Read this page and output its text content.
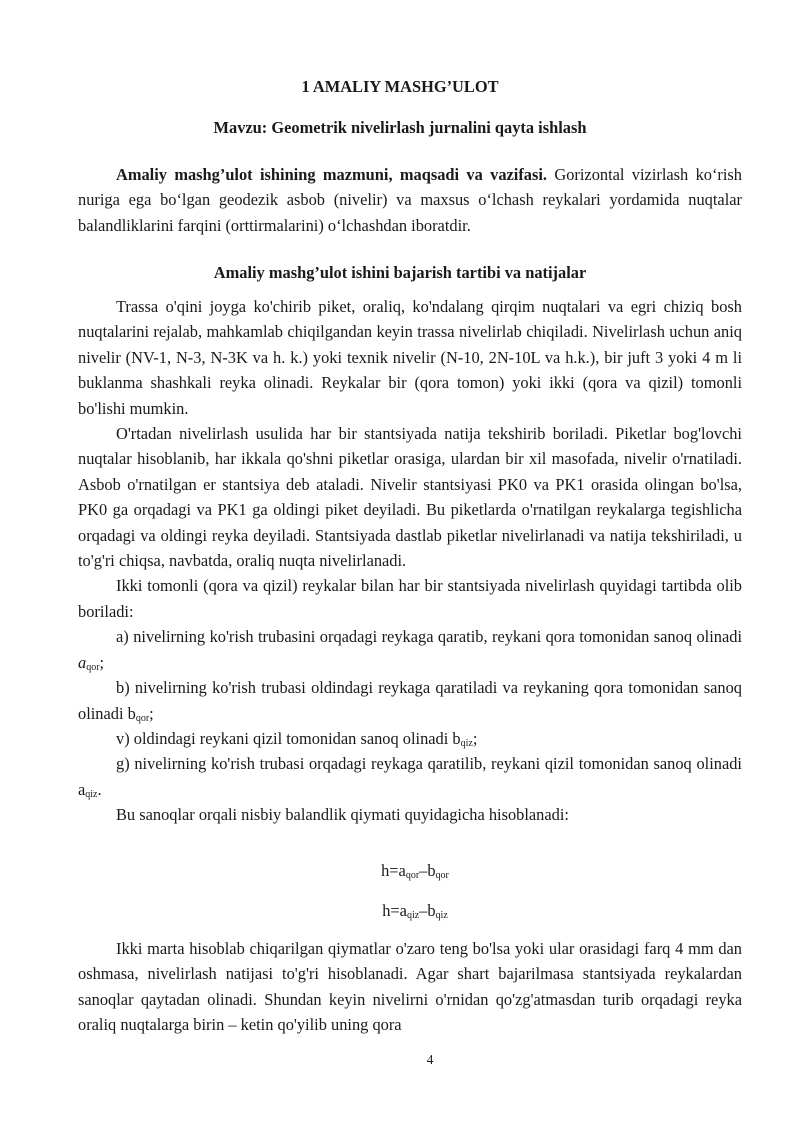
1 AMALIY MASHG’ULOT
Mavzu: Geometrik nivelirlash jurnalini qayta ishlash

Amaliy mashg’ulot ishining mazmuni, maqsadi va vazifasi. Gorizontal vizirlash ko‘rish nuriga ega bo‘lgan geodezik asbob (nivelir) va maxsus o‘lchash reykalari yordamida nuqtalar balandliklarini farqini (orttirmalarini) o‘lchashdan iboratdir.

Amaliy mashg’ulot ishini bajarish tartibi va natijalar

Trassa o'qini joyga ko'chirib piket, oraliq, ko'ndalang qirqim nuqtalari va egri chiziq bosh nuqtalarini rejalab, mahkamlab chiqilgandan keyin trassa nivelirlab chiqiladi. Nivelirlash uchun aniq nivelir (NV-1, N-3, N-3K va h. k.) yoki texnik nivelir (N-10, 2N-10L va h.k.), bir juft 3 yoki 4 m li buklanma shashkali reyka olinadi. Reykalar bir (qora tomon) yoki ikki (qora va qizil) tomonli bo'lishi mumkin.

O'rtadan nivelirlash usulida har bir stantsiyada natija tekshirib boriladi. Piketlar bog'lovchi nuqtalar hisoblanib, har ikkala qo'shni piketlar orasiga, ulardan bir xil masofada, nivelir o'rnatiladi. Asbob o'rnatilgan er stantsiya deb ataladi. Nivelir stantsiyasi PK0 va PK1 orasida olingan bo'lsa, PK0 ga orqadagi va PK1 ga oldingi piket deyiladi. Bu piketlarda o'rnatilgan reykalarga tegishlicha orqadagi va oldingi reyka deyiladi. Stantsiyada dastlab piketlar nivelirlanadi va natija tekshiriladi, u to'g'ri chiqsa, navbatda, oraliq nuqta nivelirlanadi.

Ikki tomonli (qora va qizil) reykalar bilan har bir stantsiyada nivelirlash quyidagi tartibda olib boriladi:

a) nivelirning ko'rish trubasini orqadagi reykaga qaratib, reykani qora tomonidan sanoq olinadi $a_{qor}$;

b) nivelirning ko'rish trubasi oldindagi reykaga qaratiladi va reykaning qora tomonidan sanoq olinadi $b_{qor}$;

v) oldindagi reykani qizil tomonidan sanoq olinadi $b_{qiz}$;

g) nivelirning ko'rish trubasi orqadagi reykaga qaratilib, reykani qizil tomonidan sanoq olinadi $a_{qiz}$.

Bu sanoqlar orqali nisbiy balandlik qiymati quyidagicha hisoblanadi:

$h=a_{qor}-b_{qor}$
$h=a_{qiz}-b_{qiz}$

Ikki marta hisoblab chiqarilgan qiymatlar o'zaro teng bo'lsa yoki ular orasidagi farq 4 mm dan oshmasa, nivelirlash natijasi to'g'ri hisoblanadi. Agar shart bajarilmasa stantsiyada reykalardan sanoqlar qaytadan olinadi. Shundan keyin nivelirni o'rnidan qo'zg'atmasdan turib orqadagi reyka oraliq nuqtalarga birin – ketin qo'yilib uning qora

4
